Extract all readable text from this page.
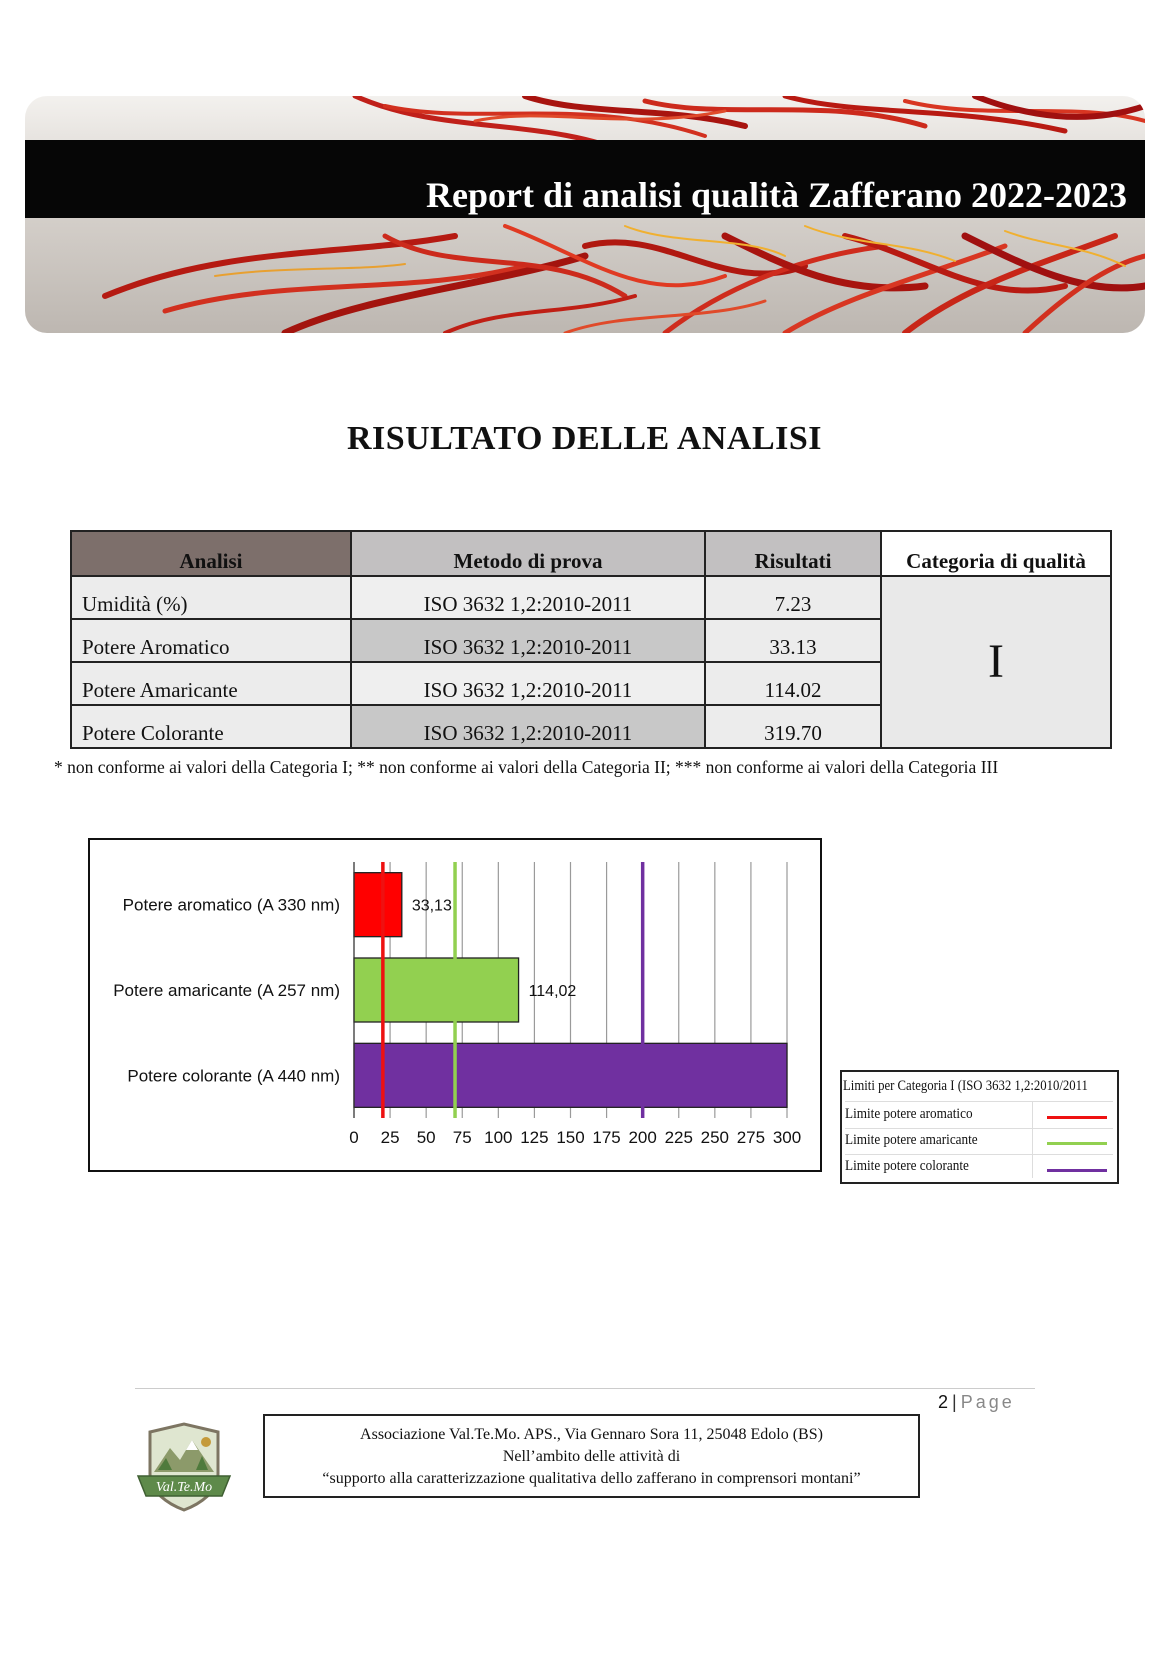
Report di analisi qualità Zafferano 2022-2023
RISULTATO DELLE ANALISI
Analisi	Metodo di prova	Risultati	Categoria di qualità
Umidità (%)	ISO 3632 1,2:2010-2011	7.23	I
Potere Aromatico	ISO 3632 1,2:2010-2011	33.13	
Potere Amaricante	ISO 3632 1,2:2010-2011	114.02	
Potere Colorante	ISO 3632 1,2:2010-2011	319.70	
* non conforme ai valori della Categoria I; ** non conforme ai valori della Categoria II; *** non conforme ai valori della Categoria III
0 25 50 75 100 125 150 175 200 225 250 275 300
Potere aromatico (A 330 nm)	33,13
Potere amaricante (A 257 nm)	114,02
Potere colorante (A 440 nm)
Limiti per Categoria I (ISO 3632 1,2:2010/2011
Limite potere aromatico
Limite potere amaricante
Limite potere colorante
2 | Page
Val.Te.Mo
Associazione Val.Te.Mo. APS., Via Gennaro Sora 11, 25048 Edolo (BS)
Nell’ambito delle attività di
“supporto alla caratterizzazione qualitativa dello zafferano in comprensori montani”
